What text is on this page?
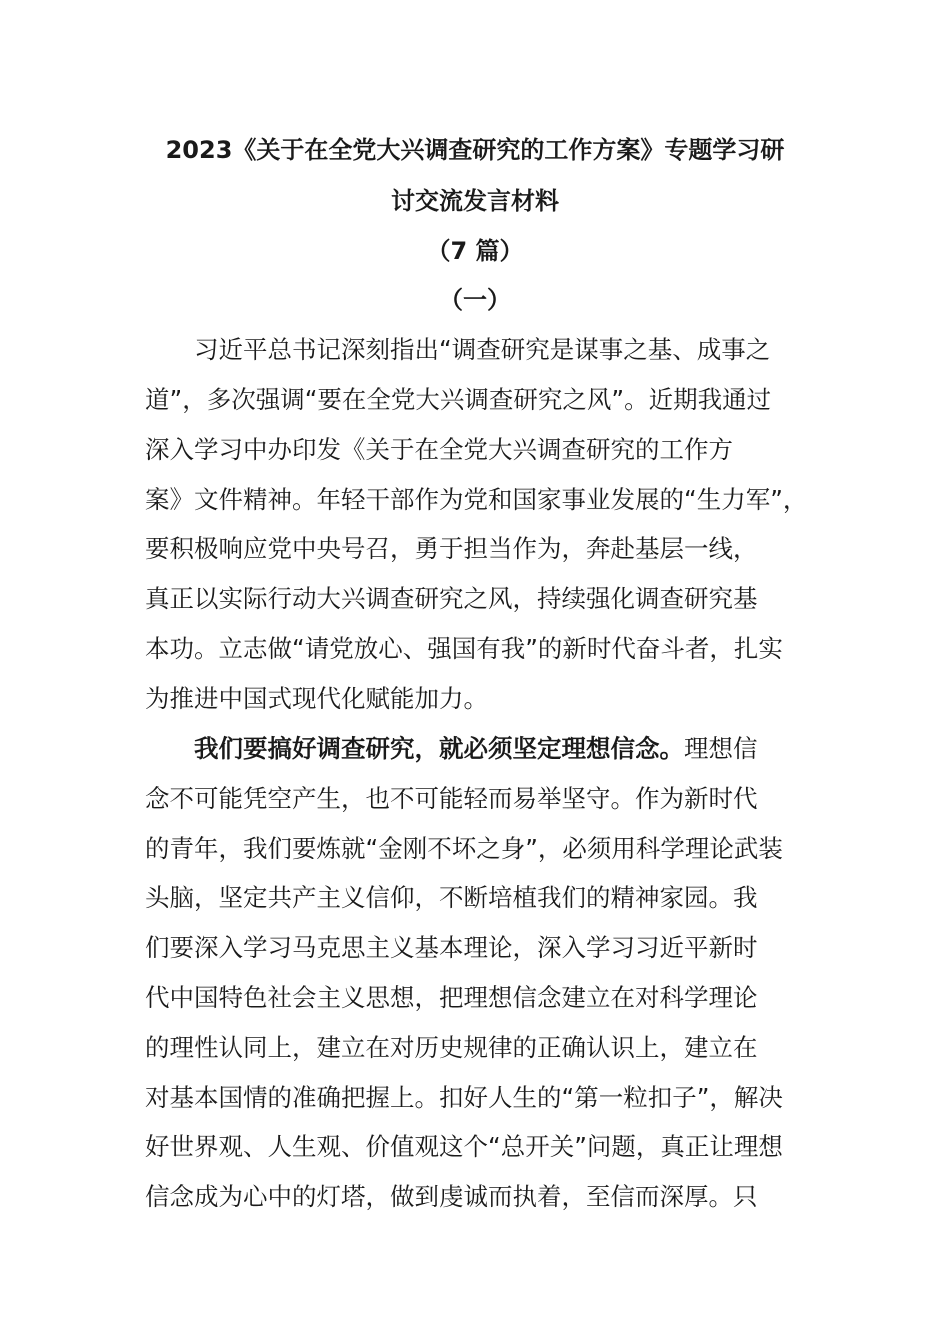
2023《关于在全党大兴调查研究的工作方案》专题学习研
讨交流发言材料
（7 篇）
（一）
习近平总书记深刻指出“调查研究是谋事之基、成事之
道”，多次强调“要在全党大兴调查研究之风”。近期我通过
深入学习中办印发《关于在全党大兴调查研究的工作方
案》文件精神。年轻干部作为党和国家事业发展的“生力军”，
要积极响应党中央号召，勇于担当作为，奔赴基层一线，
真正以实际行动大兴调查研究之风，持续强化调查研究基
本功。立志做“请党放心、强国有我”的新时代奋斗者，扎实
为推进中国式现代化赋能加力。
我们要搞好调查研究，就必须坚定理想信念。理想信
念不可能凭空产生，也不可能轻而易举坚守。作为新时代
的青年，我们要炼就“金刚不坏之身”，必须用科学理论武装
头脑，坚定共产主义信仰，不断培植我们的精神家园。我
们要深入学习马克思主义基本理论，深入学习习近平新时
代中国特色社会主义思想，把理想信念建立在对科学理论
的理性认同上，建立在对历史规律的正确认识上，建立在
对基本国情的准确把握上。扣好人生的“第一粒扣子”，解决
好世界观、人生观、价值观这个“总开关”问题，真正让理想
信念成为心中的灯塔，做到虔诚而执着，至信而深厚。只
